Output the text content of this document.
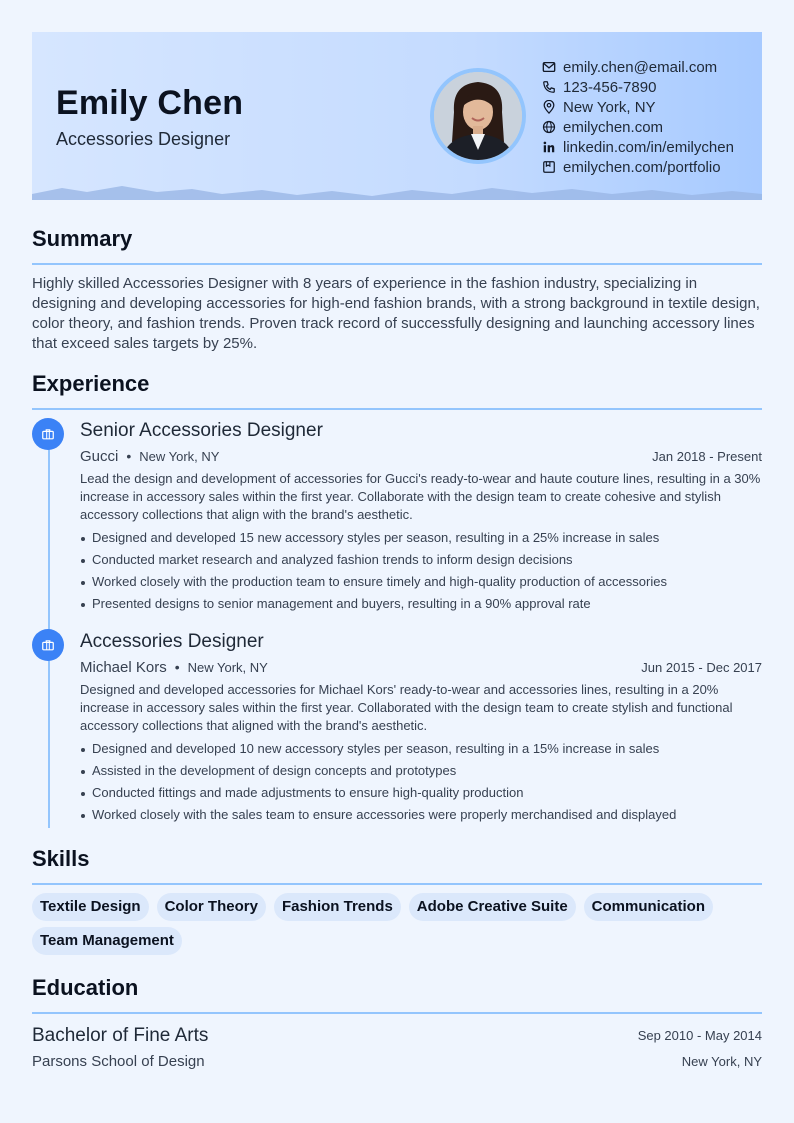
Emily Chen
Accessories Designer
emily.chen@email.com
123-456-7890
New York, NY
emilychen.com
linkedin.com/in/emilychen
emilychen.com/portfolio
Summary
Highly skilled Accessories Designer with 8 years of experience in the fashion industry, specializing in designing and developing accessories for high-end fashion brands, with a strong background in textile design, color theory, and fashion trends. Proven track record of successfully designing and launching accessory lines that exceed sales targets by 25%.
Experience
Senior Accessories Designer
Gucci • New York, NY	Jan 2018 - Present
Lead the design and development of accessories for Gucci's ready-to-wear and haute couture lines, resulting in a 30% increase in accessory sales within the first year. Collaborate with the design team to create cohesive and stylish accessory collections that align with the brand's aesthetic.
Designed and developed 15 new accessory styles per season, resulting in a 25% increase in sales
Conducted market research and analyzed fashion trends to inform design decisions
Worked closely with the production team to ensure timely and high-quality production of accessories
Presented designs to senior management and buyers, resulting in a 90% approval rate
Accessories Designer
Michael Kors • New York, NY	Jun 2015 - Dec 2017
Designed and developed accessories for Michael Kors' ready-to-wear and accessories lines, resulting in a 20% increase in accessory sales within the first year. Collaborated with the design team to create stylish and functional accessory collections that aligned with the brand's aesthetic.
Designed and developed 10 new accessory styles per season, resulting in a 15% increase in sales
Assisted in the development of design concepts and prototypes
Conducted fittings and made adjustments to ensure high-quality production
Worked closely with the sales team to ensure accessories were properly merchandised and displayed
Skills
Textile Design	Color Theory	Fashion Trends	Adobe Creative Suite	Communication
Team Management
Education
Bachelor of Fine Arts	Sep 2010 - May 2014
Parsons School of Design	New York, NY
